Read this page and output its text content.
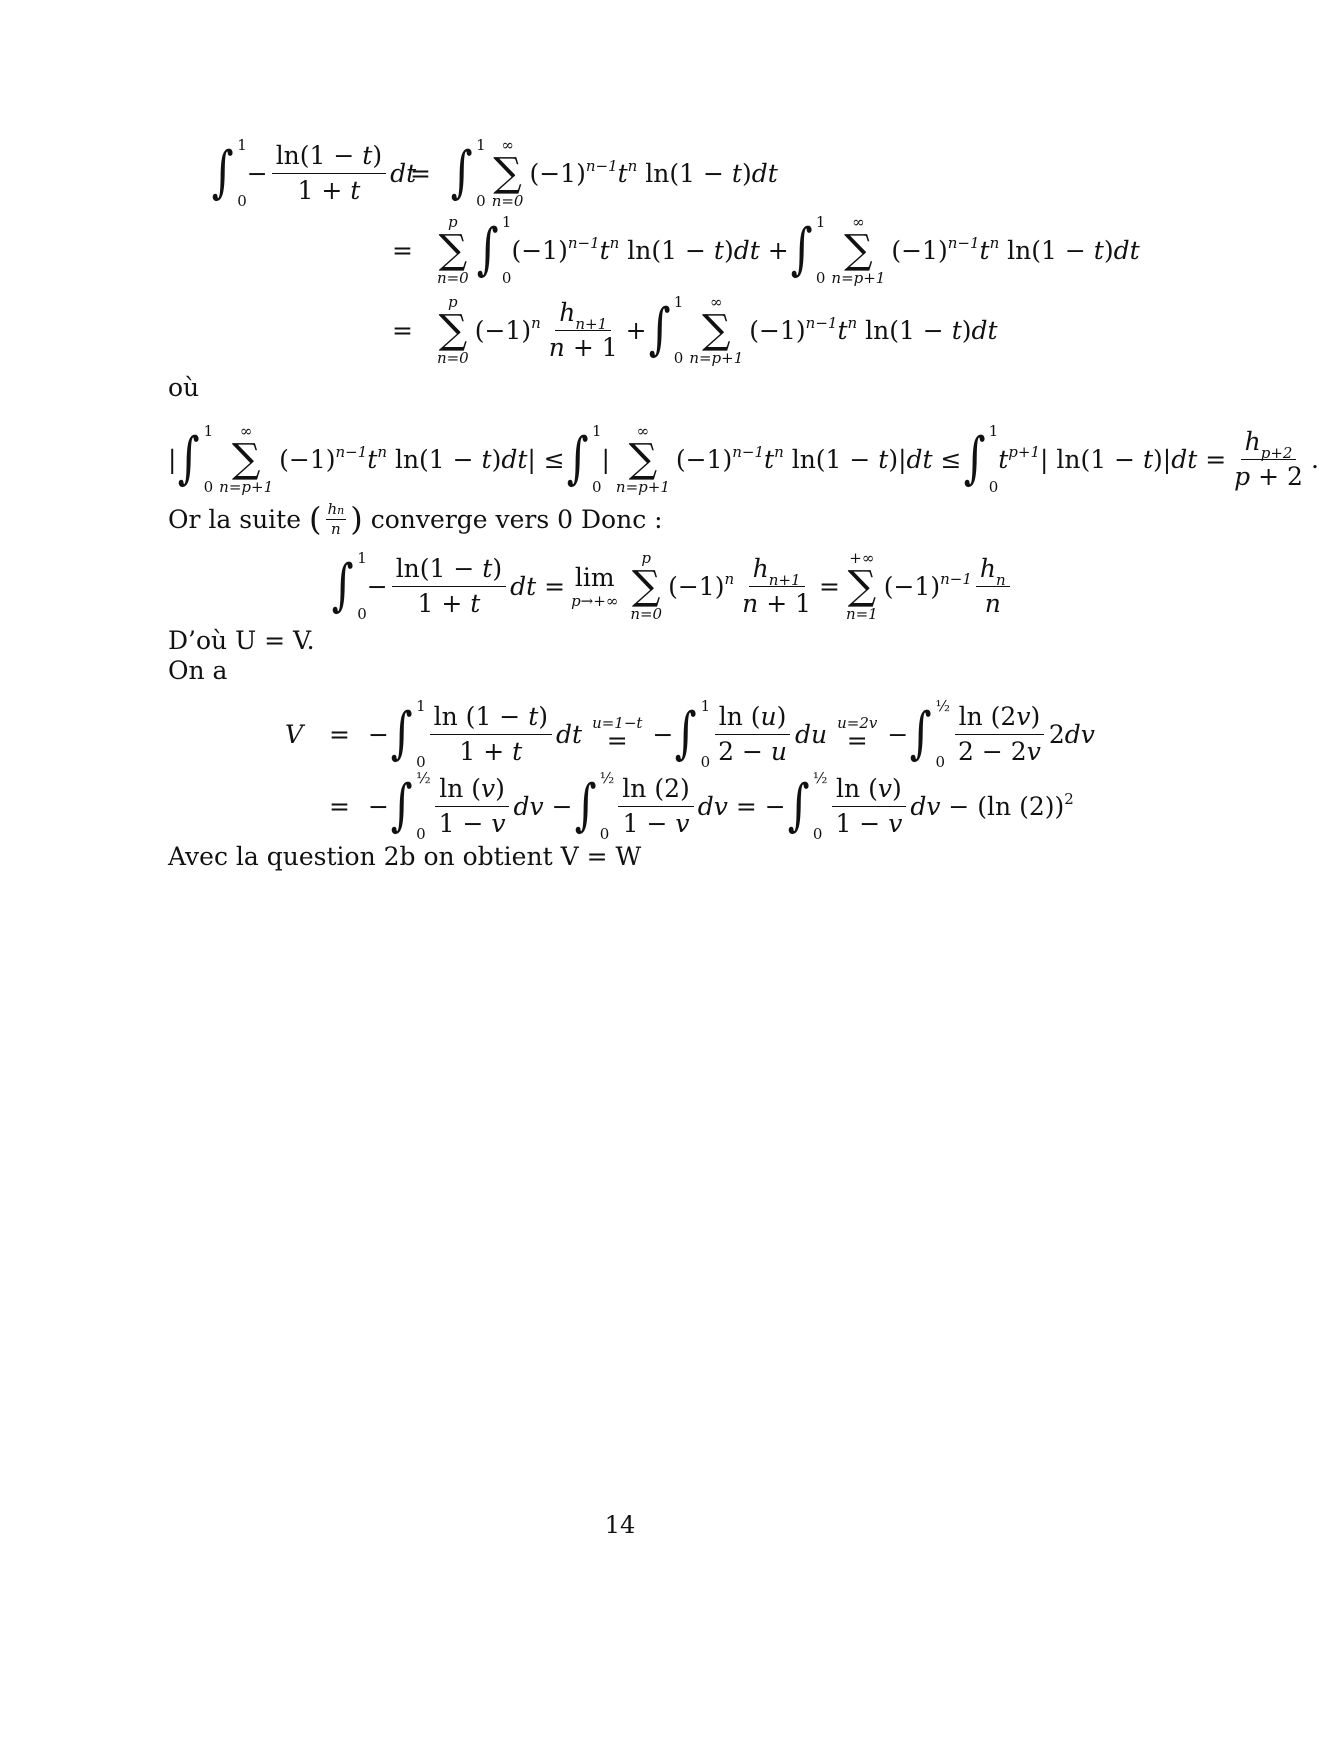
∫ 1
0
− $\frac{\ln(1 - t)}{1 + t}$ dt
= ∫ 1
0
∞
∑
n=0
$(-1)^{n-1}t^n$ ln(1 − t)dt
=
p
∑
n=0 ∫ 1
0
$(-1)^{n-1}t^n$ ln(1 − t)dt + ∫ 1
0
∞
∑
n=p+1
$(-1)^{n-1}t^n$ ln(1 − t)dt
=
p
∑
n=0
$(-1)^n \frac{h_{n+1}}{n + 1}$ + ∫ 1
0
∞
∑
n=p+1
$(-1)^{n-1}t^n$ ln(1 − t)dt
où
| ∫ 1
0
∞
∑
n=p+1
$(-1)^{n-1}t^n$ ln(1 − t)dt| ≤ ∫ 1
0
|
∞
∑
n=p+1
$(-1)^{n-1}t^n$ ln(1 − t)|dt ≤ ∫ 1
0
$t^{p+1}|$ $\ln(1 - t)|dt = \frac{h_{p+2}}{p + 2}$ .
Or la suite ( $\frac{hn}{n}$ ) converge vers 0 Donc :
∫ 1
0
− $\frac{\ln(1 - t)}{1 + t}$ dt = lim
p→+∞
p
∑
n=0
$(-1)^n \frac{h_{n+1}}{n + 1}$ =
+∞
∑
n=1
$(-1)^{n-1} \frac{h_n}{n}$
D’où U = V.
On a
V	= − ∫ 1
$0 \frac{\ln (1 - t)}{1 + t}$ dt u=1−t
= − ∫ 1
$0 \frac{\ln (u)}{2 - u}$ du u=2v
= − ∫ ½
$0 \frac{\ln (2v)}{2 - 2v} 2dv$
= − ∫ ½
$0 \frac{\ln (v)}{1 - v}$ dv − ∫ ½
$0 \frac{\ln (2)}{1 - v}$ dv = − ∫ ½
$0 \frac{\ln (v)}{1 - v}$ dv − (ln (2))$^2$
Avec la question 2b on obtient V = W
14
